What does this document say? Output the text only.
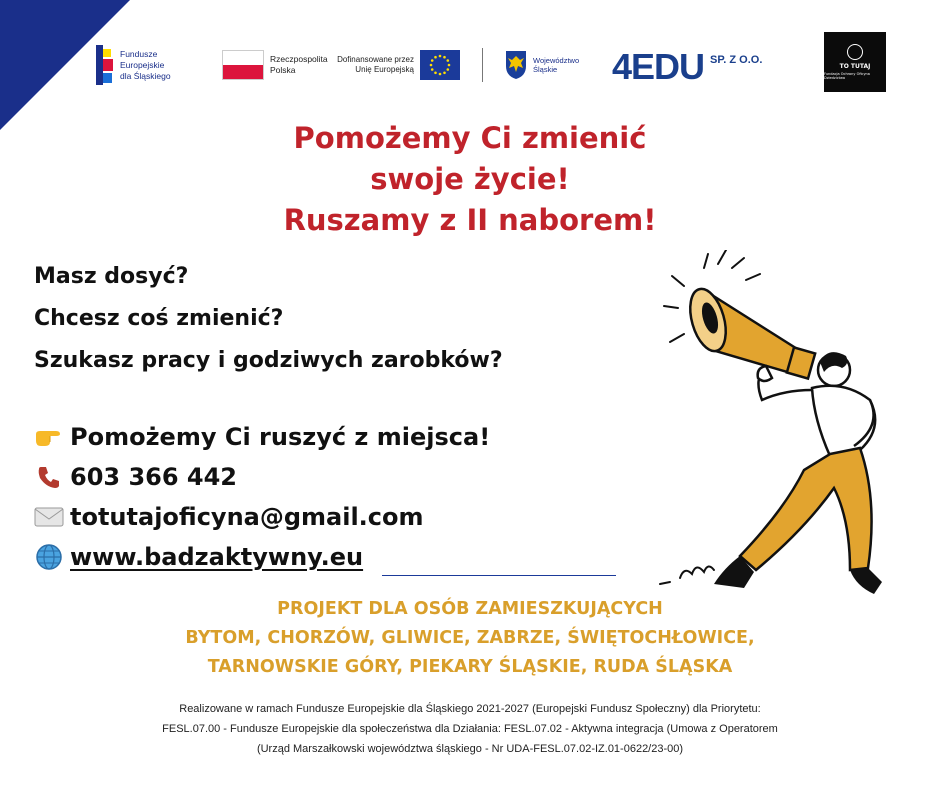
Fundusze Europejskie
dla Śląskiego
Rzeczpospolita
Polska
Dofinansowane przez
Unię Europejską
Województwo
Śląskie	4EDU SP. Z O.O.
TO TUTAJ
Fundacja Ochrony Oficyna Dziedzictwa
Pomożemy Ci zmienić
swoje życie!
Ruszamy z II naborem!
Masz dosyć?
Chcesz coś zmienić?
Szukasz pracy i godziwych zarobków?
Pomożemy Ci ruszyć z miejsca!
603 366 442
totutajoficyna@gmail.com
www.badzaktywny.eu
PROJEKT DLA OSÓB ZAMIESZKUJĄCYCH
BYTOM, CHORZÓW, GLIWICE, ZABRZE, ŚWIĘTOCHŁOWICE,
TARNOWSKIE GÓRY, PIEKARY ŚLĄSKIE, RUDA ŚLĄSKA
Realizowane w ramach Fundusze Europejskie dla Śląskiego 2021-2027 (Europejski Fundusz Społeczny) dla Priorytetu:
FESL.07.00 - Fundusze Europejskie dla społeczeństwa dla Działania: FESL.07.02 - Aktywna integracja (Umowa z Operatorem
(Urząd Marszałkowski województwa śląskiego - Nr UDA-FESL.07.02-IZ.01-0622/23-00)
